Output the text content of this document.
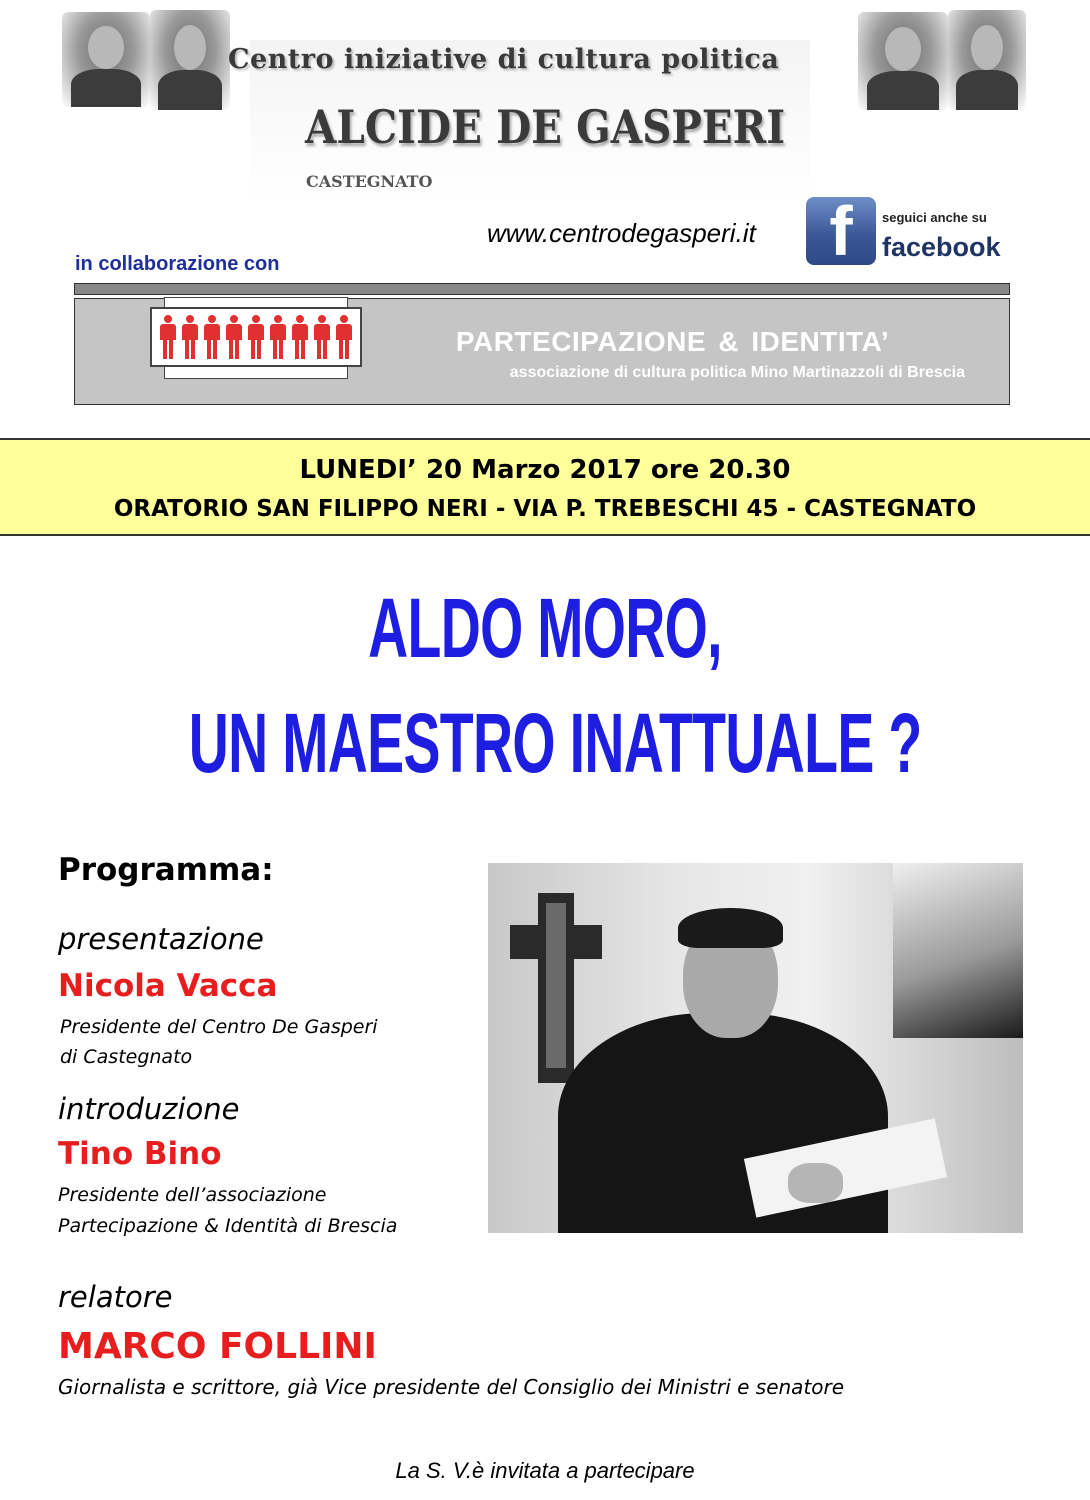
Centro iniziative di cultura politica
ALCIDE DE GASPERI
CASTEGNATO
www.centrodegasperi.it	f	seguici anche su
facebook
in collaborazione con
PARTECIPAZIONE & IDENTITA’
associazione di cultura politica Mino Martinazzoli di Brescia
LUNEDI’ 20 Marzo 2017 ore 20.30
ORATORIO SAN FILIPPO NERI - VIA P. TREBESCHI 45 - CASTEGNATO
ALDO MORO,
UN MAESTRO INATTUALE ?
Programma:
presentazione
Nicola Vacca
Presidente del Centro De Gasperi
di Castegnato
introduzione
Tino Bino
Presidente dell’associazione
Partecipazione & Identità di Brescia
relatore
MARCO FOLLINI
Giornalista e scrittore, già Vice presidente del Consiglio dei Ministri e senatore
La S. V.è invitata a partecipare
